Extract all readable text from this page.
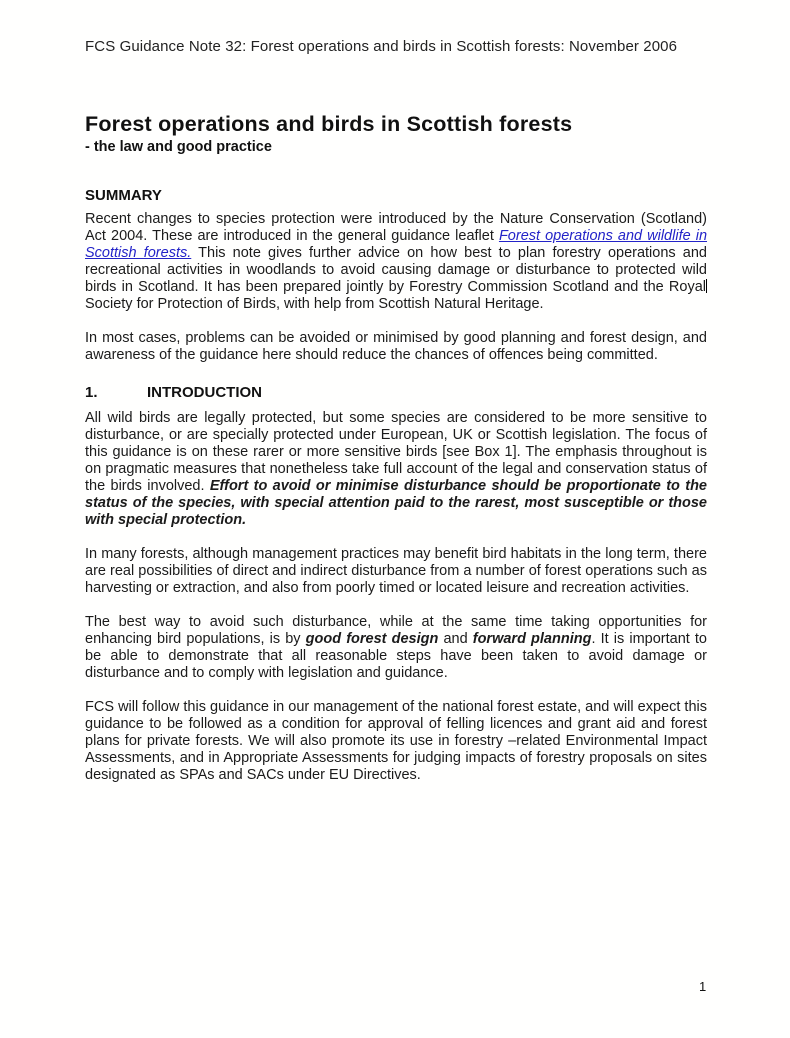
FCS Guidance Note 32: Forest operations and birds in Scottish forests: November 2006
Forest operations and birds in Scottish forests
- the law and good practice
SUMMARY

Recent changes to species protection were introduced by the Nature Conservation (Scotland) Act 2004. These are introduced in the general guidance leaflet Forest operations and wildlife in Scottish forests. This note gives further advice on how best to plan forestry operations and recreational activities in woodlands to avoid causing damage or disturbance to protected wild birds in Scotland. It has been prepared jointly by Forestry Commission Scotland and the Royal Society for Protection of Birds, with help from Scottish Natural Heritage.

In most cases, problems can be avoided or minimised by good planning and forest design, and awareness of the guidance here should reduce the chances of offences being committed.

1.	INTRODUCTION

All wild birds are legally protected, but some species are considered to be more sensitive to disturbance, or are specially protected under European, UK or Scottish legislation. The focus of this guidance is on these rarer or more sensitive birds [see Box 1]. The emphasis throughout is on pragmatic measures that nonetheless take full account of the legal and conservation status of the birds involved. Effort to avoid or minimise disturbance should be proportionate to the status of the species, with special attention paid to the rarest, most susceptible or those with special protection.

In many forests, although management practices may benefit bird habitats in the long term, there are real possibilities of direct and indirect disturbance from a number of forest operations such as harvesting or extraction, and also from poorly timed or located leisure and recreation activities.

The best way to avoid such disturbance, while at the same time taking opportunities for enhancing bird populations, is by good forest design and forward planning. It is important to be able to demonstrate that all reasonable steps have been taken to avoid damage or disturbance and to comply with legislation and guidance.

FCS will follow this guidance in our management of the national forest estate, and will expect this guidance to be followed as a condition for approval of felling licences and grant aid and forest plans for private forests. We will also promote its use in forestry –related Environmental Impact Assessments, and in Appropriate Assessments for judging impacts of forestry proposals on sites designated as SPAs and SACs under EU Directives.

1
